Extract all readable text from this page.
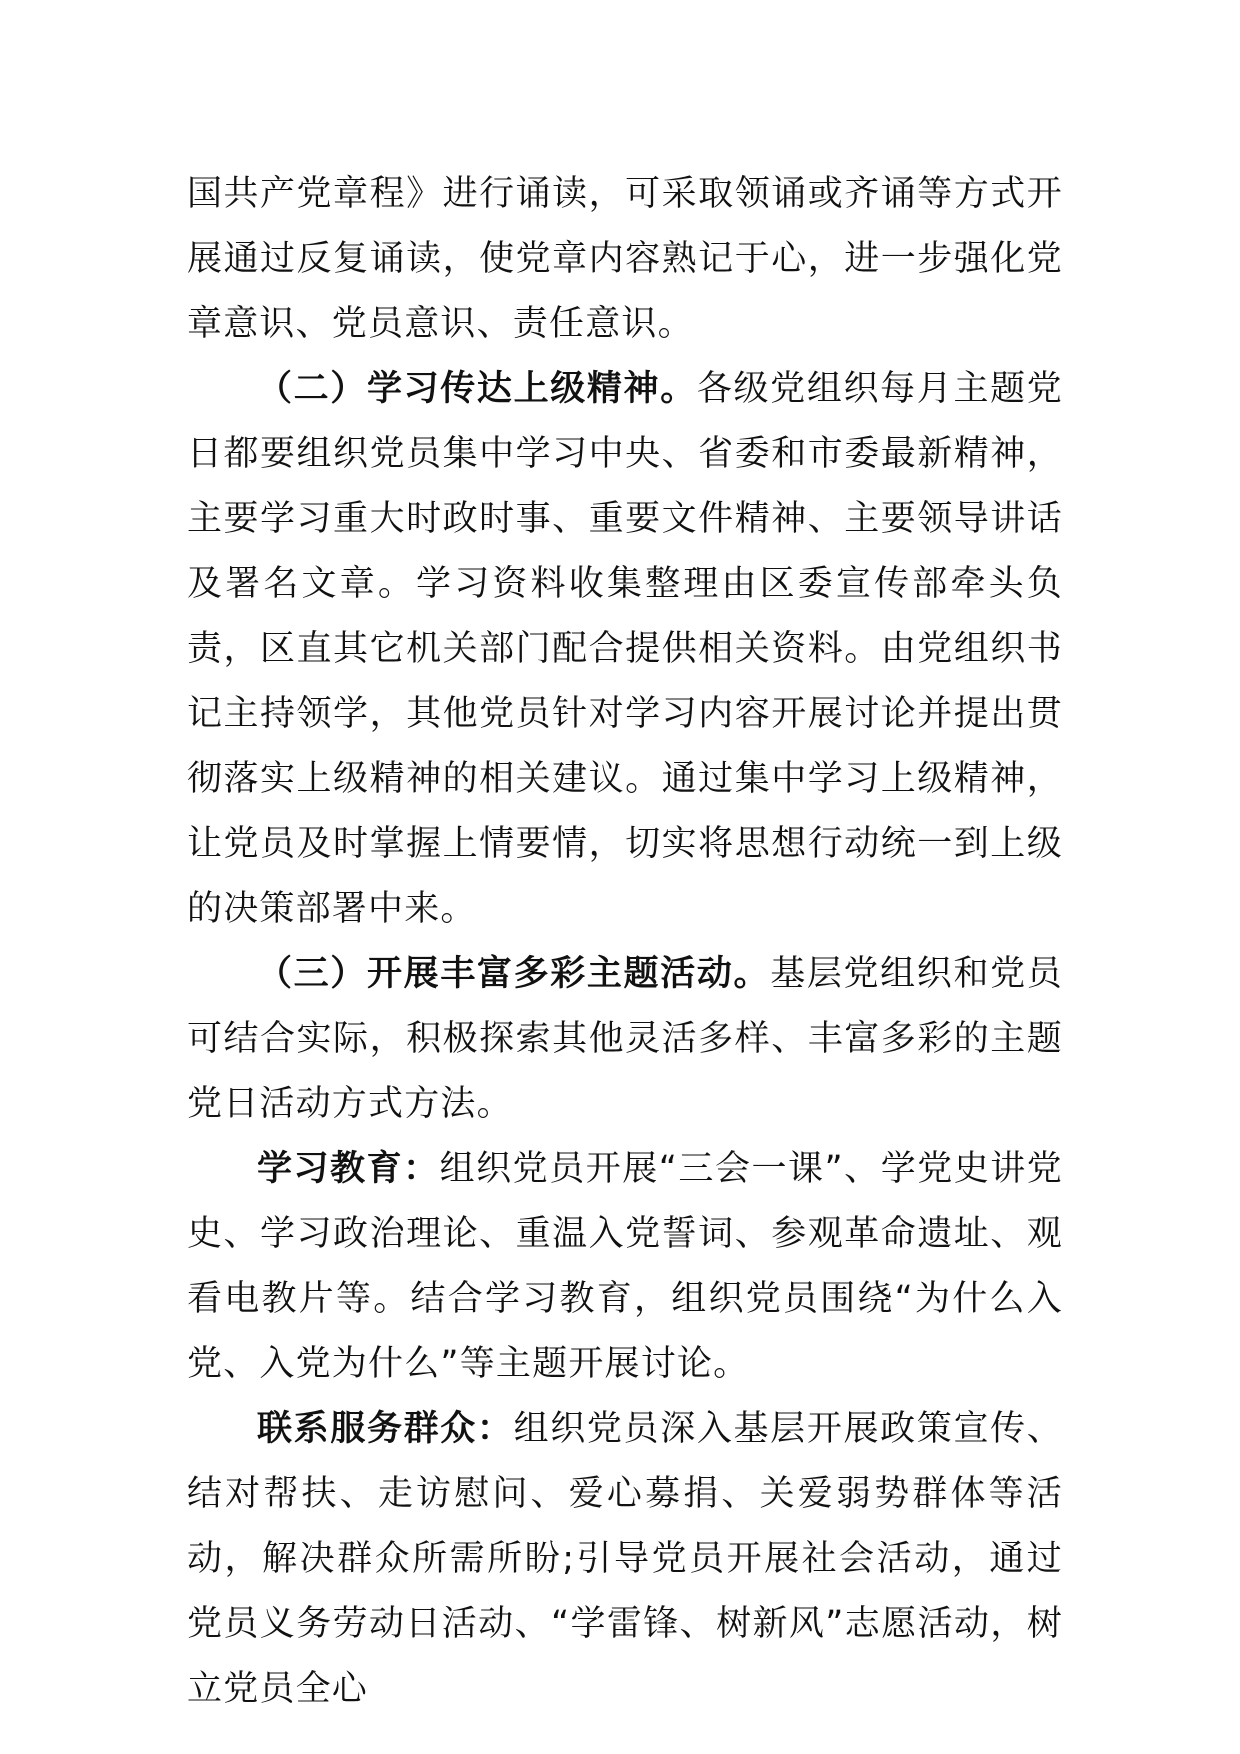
国共产党章程》进行诵读，可采取领诵或齐诵等方式开展通过反复诵读，使党章内容熟记于心，进一步强化党章意识、党员意识、责任意识。

（二）学习传达上级精神。各级党组织每月主题党日都要组织党员集中学习中央、省委和市委最新精神，主要学习重大时政时事、重要文件精神、主要领导讲话及署名文章。学习资料收集整理由区委宣传部牵头负责，区直其它机关部门配合提供相关资料。由党组织书记主持领学，其他党员针对学习内容开展讨论并提出贯彻落实上级精神的相关建议。通过集中学习上级精神，让党员及时掌握上情要情，切实将思想行动统一到上级的决策部署中来。

（三）开展丰富多彩主题活动。基层党组织和党员可结合实际，积极探索其他灵活多样、丰富多彩的主题党日活动方式方法。

学习教育：组织党员开展“三会一课”、学党史讲党史、学习政治理论、重温入党誓词、参观革命遗址、观看电教片等。结合学习教育，组织党员围绕“为什么入党、入党为什么”等主题开展讨论。

联系服务群众：组织党员深入基层开展政策宣传、结对帮扶、走访慰问、爱心募捐、关爱弱势群体等活动，解决群众所需所盼;引导党员开展社会活动，通过党员义务劳动日活动、“学雷锋、树新风”志愿活动，树立党员全心
